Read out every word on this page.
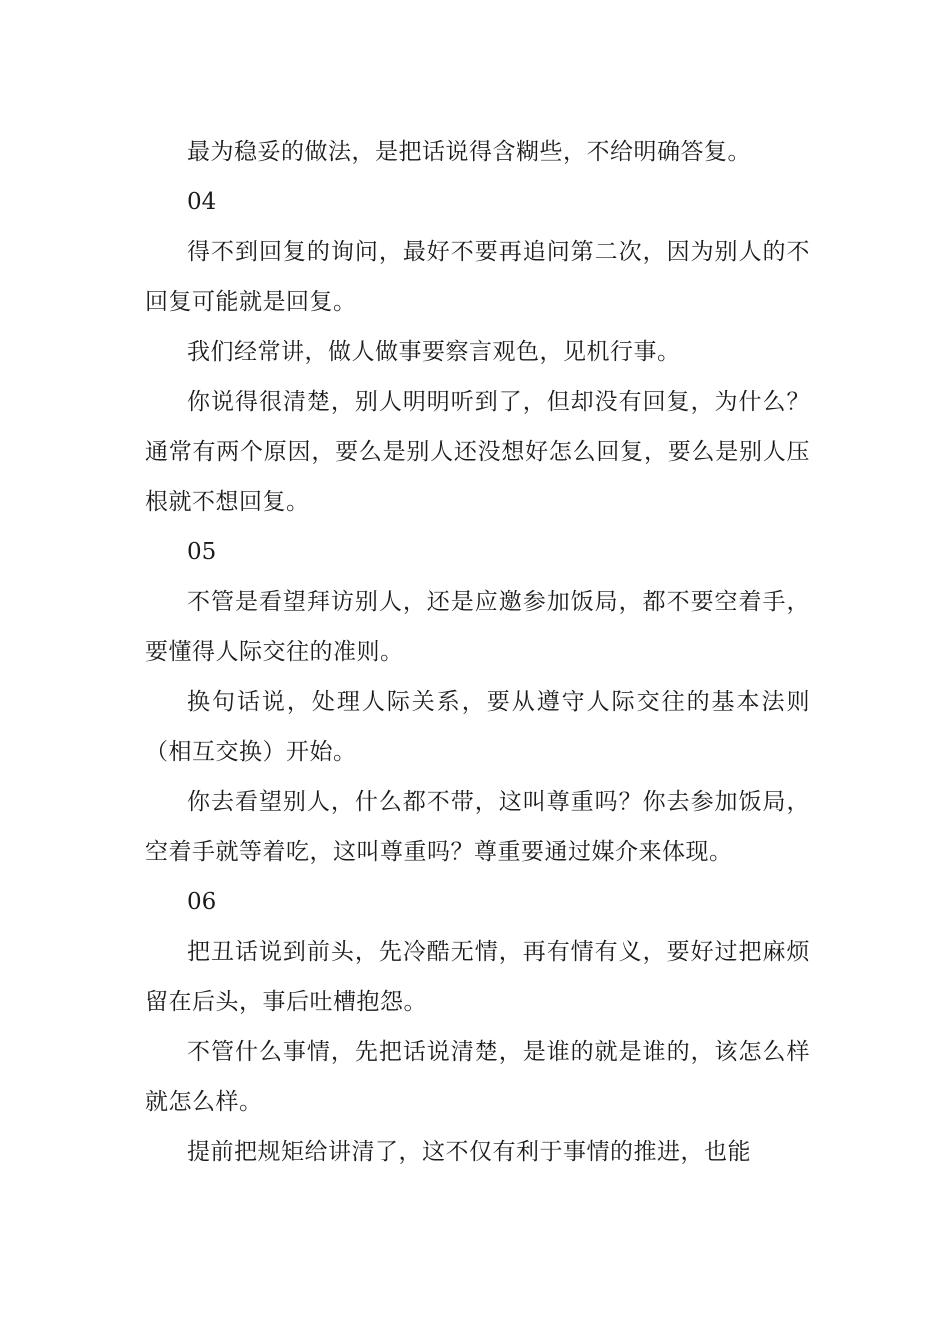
最为稳妥的做法，是把话说得含糊些，不给明确答复。

04

得不到回复的询问，最好不要再追问第二次，因为别人的不回复可能就是回复。

我们经常讲，做人做事要察言观色，见机行事。

你说得很清楚，别人明明听到了，但却没有回复，为什么？通常有两个原因，要么是别人还没想好怎么回复，要么是别人压根就不想回复。

05

不管是看望拜访别人，还是应邀参加饭局，都不要空着手，要懂得人际交往的准则。

换句话说，处理人际关系，要从遵守人际交往的基本法则（相互交换）开始。

你去看望别人，什么都不带，这叫尊重吗？你去参加饭局，空着手就等着吃，这叫尊重吗？尊重要通过媒介来体现。

06

把丑话说到前头，先冷酷无情，再有情有义，要好过把麻烦留在后头，事后吐槽抱怨。

不管什么事情，先把话说清楚，是谁的就是谁的，该怎么样就怎么样。

提前把规矩给讲清了，这不仅有利于事情的推进，也能
